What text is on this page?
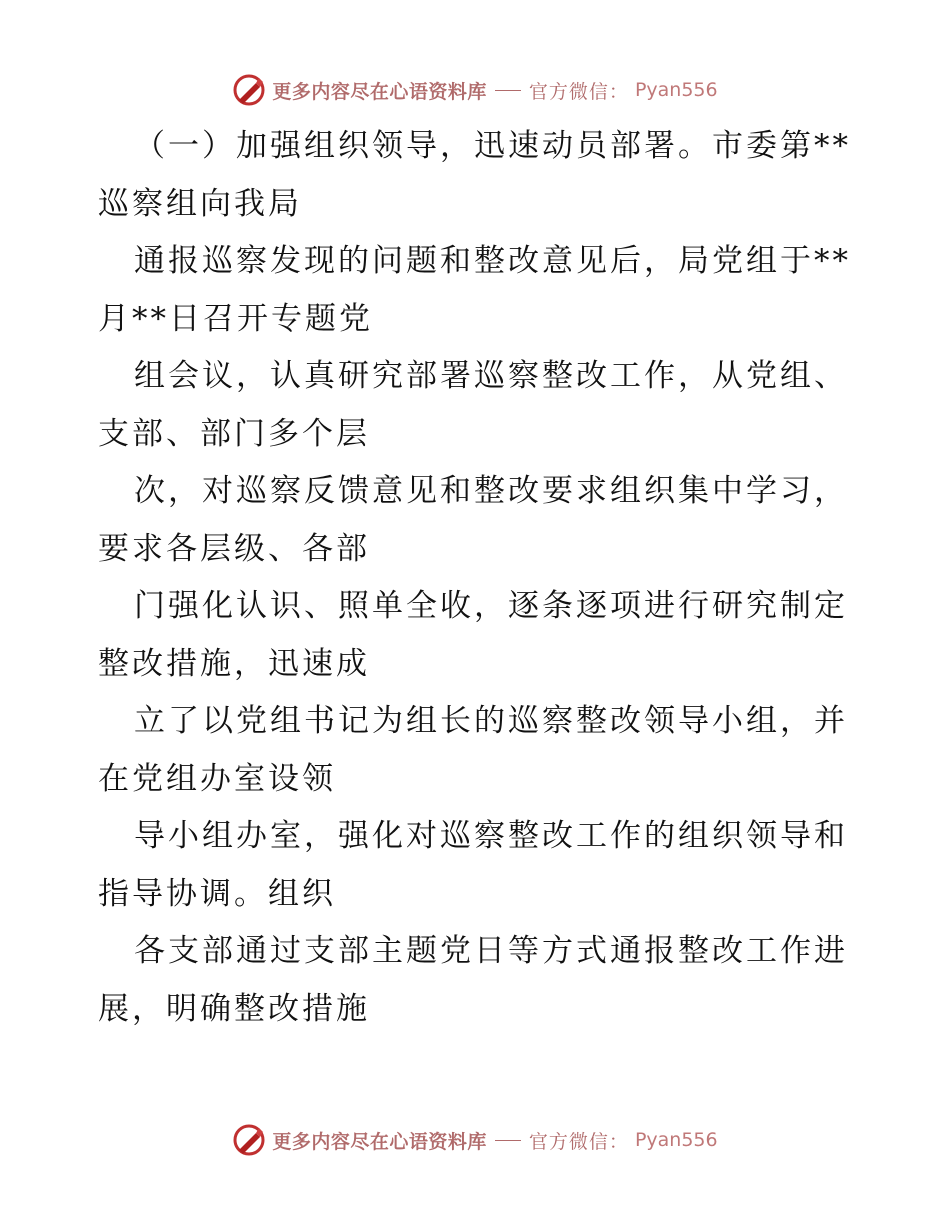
更多内容尽在心语资料库 官方微信： Pyan556
（一）加强组织领导，迅速动员部署。市委第**
巡察组向我局
通报巡察发现的问题和整改意见后，局党组于**
月**日召开专题党
组会议，认真研究部署巡察整改工作，从党组、
支部、部门多个层
次，对巡察反馈意见和整改要求组织集中学习，
要求各层级、各部
门强化认识、照单全收，逐条逐项进行研究制定
整改措施，迅速成
立了以党组书记为组长的巡察整改领导小组，并
在党组办室设领
导小组办室，强化对巡察整改工作的组织领导和
指导协调。组织
各支部通过支部主题党日等方式通报整改工作进
展，明确整改措施
更多内容尽在心语资料库 官方微信： Pyan556
